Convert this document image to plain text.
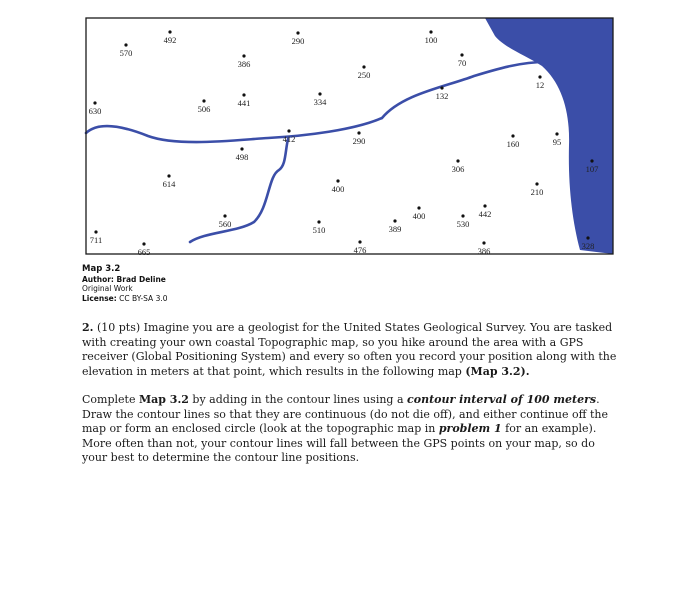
492
570
386
290
250
100
70
12
506
441	334
132
630
412	290	160	95
498
306	107
614	400	210
400	442
560
510	389	530
711
665	476	386	328
Map 3.2
Author: Brad Deline
Original Work
License: CC BY-SA 3.0
2. (10 pts) Imagine you are a geologist for the United States Geological Survey. You are tasked with creating your own coastal Topographic map, so you hike around the area with a GPS receiver (Global Positioning System) and every so often you record your position along with the elevation in meters at that point, which results in the following map (Map 3.2).
Complete Map 3.2 by adding in the contour lines using a contour interval of 100 meters. Draw the contour lines so that they are continuous (do not die off), and either continue off the map or form an enclosed circle (look at the topographic map in problem 1 for an example). More often than not, your contour lines will fall between the GPS points on your map, so do your best to determine the contour line positions.
